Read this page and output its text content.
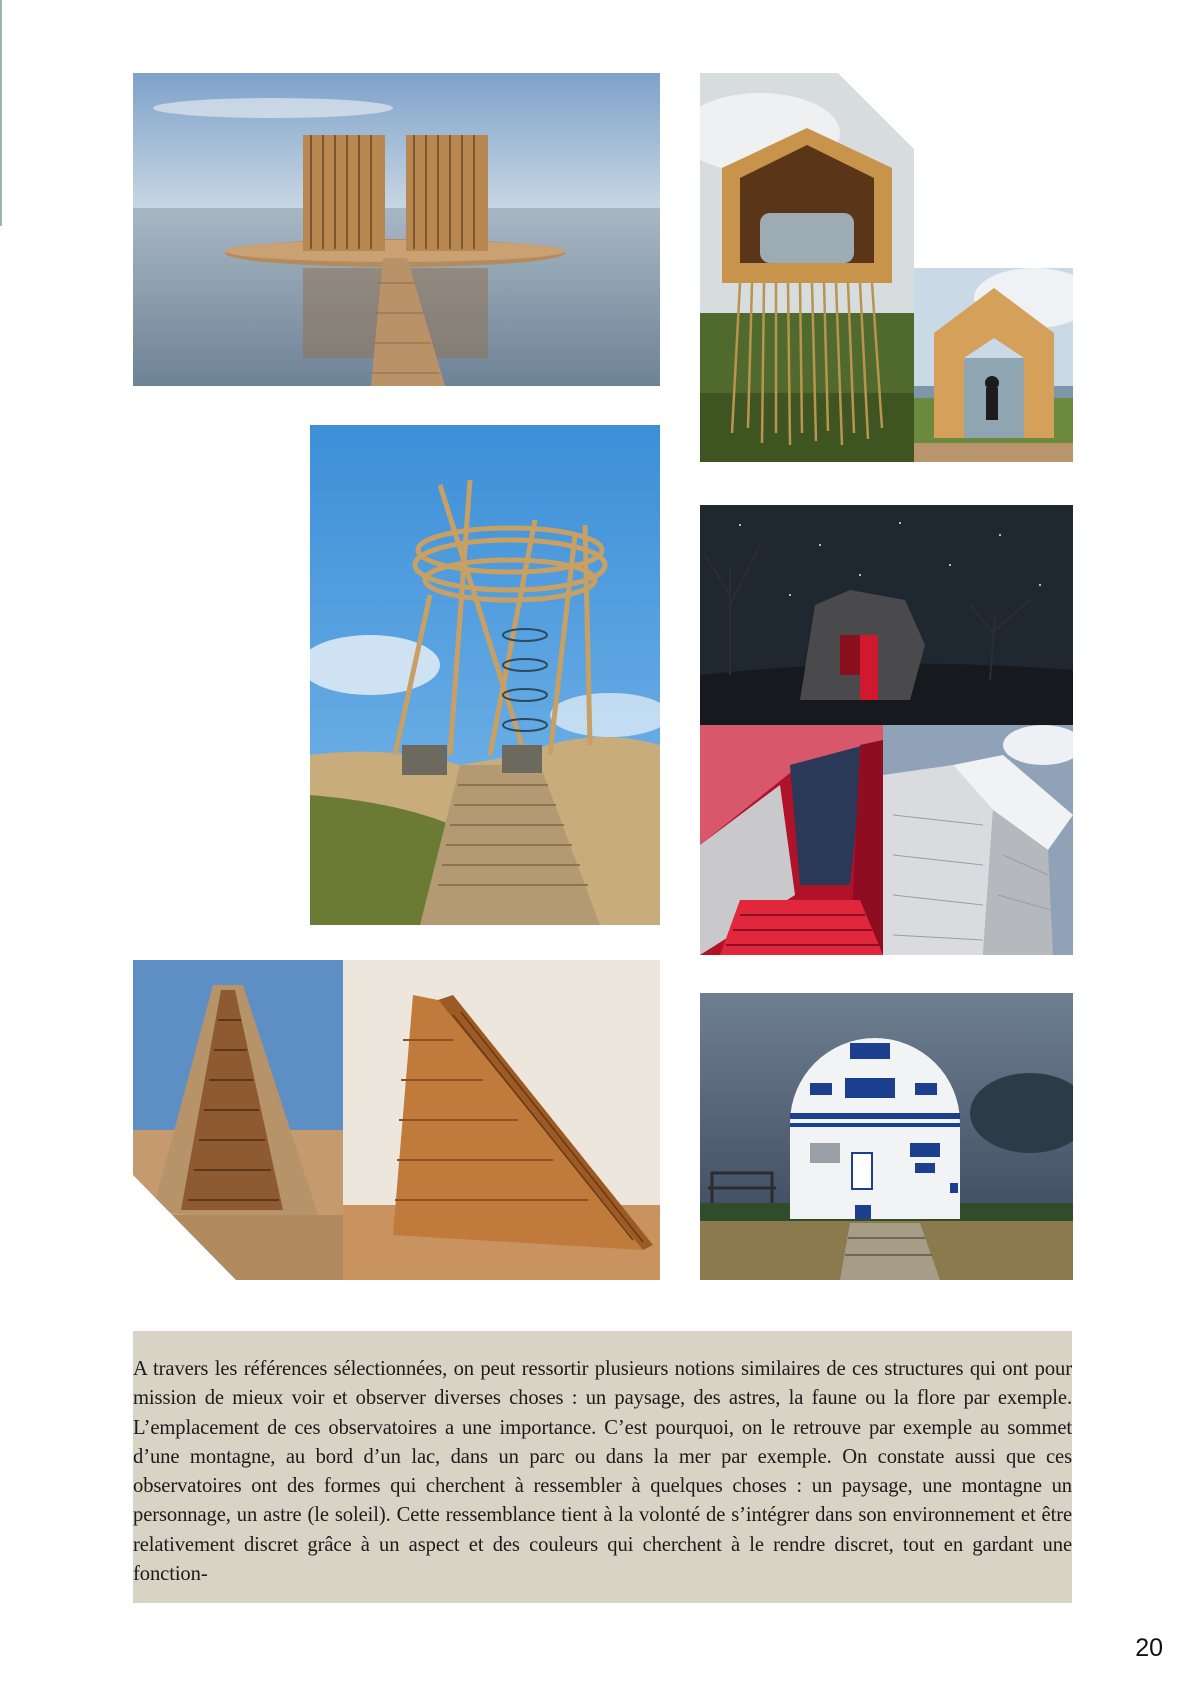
A travers les références sélectionnées, on peut ressortir plusieurs notions similaires de ces structures qui ont pour mission de mieux voir et observer diverses choses : un paysage, des astres, la faune ou la flore par exemple. L’emplacement de ces observatoires a une importance. C’est pourquoi, on le retrouve par exemple au sommet d’une montagne, au bord d’un lac, dans un parc ou dans la mer par exemple. On constate aussi que ces observatoires ont des formes qui cherchent à ressembler à quelques choses : un paysage, une montagne un personnage, un astre (le soleil). Cette ressemblance tient à la volonté de s’intégrer dans son environnement et être relativement discret grâce à un aspect et des couleurs qui cherchent à le rendre discret, tout en gardant une fonction-

20
